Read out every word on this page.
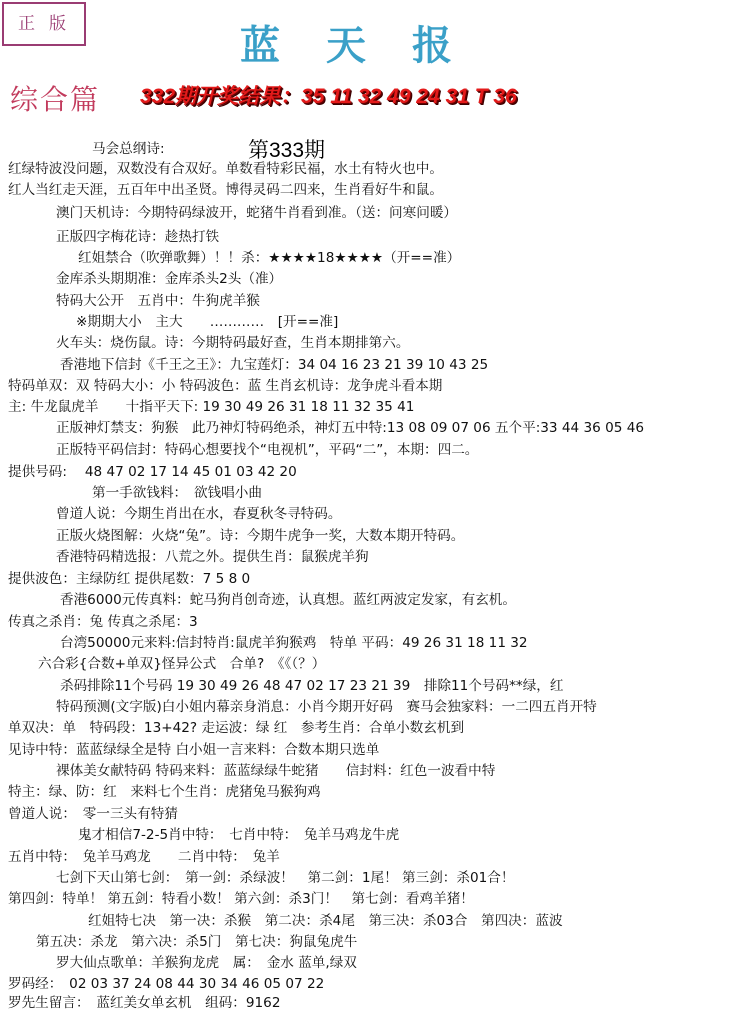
正版	蓝天报
综合篇 332期开奖结果：35 11 32 49 24 31 T 36
第333期
马会总纲诗:
红绿特波没问题，双数没有合双好。单数看特彩民福，水土有特火也中。
红人当红走天涯，五百年中出圣贤。博得灵码二四来，生肖看好牛和鼠。
澳门天机诗：今期特码绿波开，蛇猪牛肖看到准。（送：问寒问暖）
正版四字梅花诗：趁热打铁
红姐禁合（吹弹歌舞）！！杀：★★★★18★★★★（开==准）
金库杀头期期准：金库杀头2头（准）
特码大公开　五肖中：牛狗虎羊猴
※期期大小　主大　　…………　[开==准]
火车头：烧伤鼠。诗：今期特码最好查，生肖本期排第六。
香港地下信封《千王之王》：九宝莲灯：34 04 16 23 21 39 10 43 25
特码单双：双 特码大小：小 特码波色：蓝 生肖玄机诗：龙争虎斗看本期
主: 牛龙鼠虎羊　　十指平天下: 19 30 49 26 31 18 11 32 35 41
正版神灯禁支：狗猴　此乃神灯特码绝杀，神灯五中特:13 08 09 07 06 五个平:33 44 36 05 46
正版特平码信封：特码心想要找个“电视机”，平码“二”，本期：四二。
提供号码:　 48 47 02 17 14 45 01 03 42 20
第一手欲钱料：　欲钱唱小曲
曾道人说：今期生肖出在水，春夏秋冬寻特码。
正版火烧图解：火烧“兔”。诗：今期牛虎争一奖，大数本期开特码。
香港特码精选报：八荒之外。提供生肖：鼠猴虎羊狗
提供波色：主绿防红 提供尾数：7 5 8 0
香港6000元传真料：蛇马狗肖创奇迹，认真想。蓝红两波定发家，有玄机。
传真之杀肖：兔 传真之杀尾：3
台湾50000元来料:信封特肖:鼠虎羊狗猴鸡　特单 平码：49 26 31 18 11 32
六合彩{合数+单双}怪异公式　合单?　《《（？）
杀码排除11个号码 19 30 49 26 48 47 02 17 23 21 39　排除11个号码**绿，红
特码预测(文字版)白小姐内幕亲身消息：小肖今期开好码　赛马会独家料：一二四五肖开特
单双决：单　特码段：13+42? 走运波：绿 红　参考生肖：合单小数玄机到
见诗中特：蓝蓝绿绿全是特 白小姐一言来料：合数本期只选单
裸体美女献特码 特码来料：蓝蓝绿绿牛蛇猪　　信封料：红色一波看中特
特主：绿、防：红　来料七个生肖：虎猪兔马猴狗鸡
曾道人说：　零一三头有特猜
鬼才相信7-2-5肖中特：　七肖中特：　兔羊马鸡龙牛虎
五肖中特：　兔羊马鸡龙　　二肖中特：　兔羊
七剑下天山第七剑：　第一剑：杀绿波！　第二剑：1尾！ 第三剑：杀01合！
第四剑：特单！ 第五剑：特看小数！ 第六剑：杀3门！　第七剑：看鸡羊猪！
红姐特七决　第一决：杀猴　第二决：杀4尾　第三决：杀03合　第四决：蓝波
第五决：杀龙　第六决：杀5门　第七决：狗鼠兔虎牛
罗大仙点歌单：羊猴狗龙虎　属：　金水 蓝单,绿双
罗码经：　02 03 37 24 08 44 30 34 46 05 07 22
罗先生留言：　蓝红美女单玄机　组码：9162
